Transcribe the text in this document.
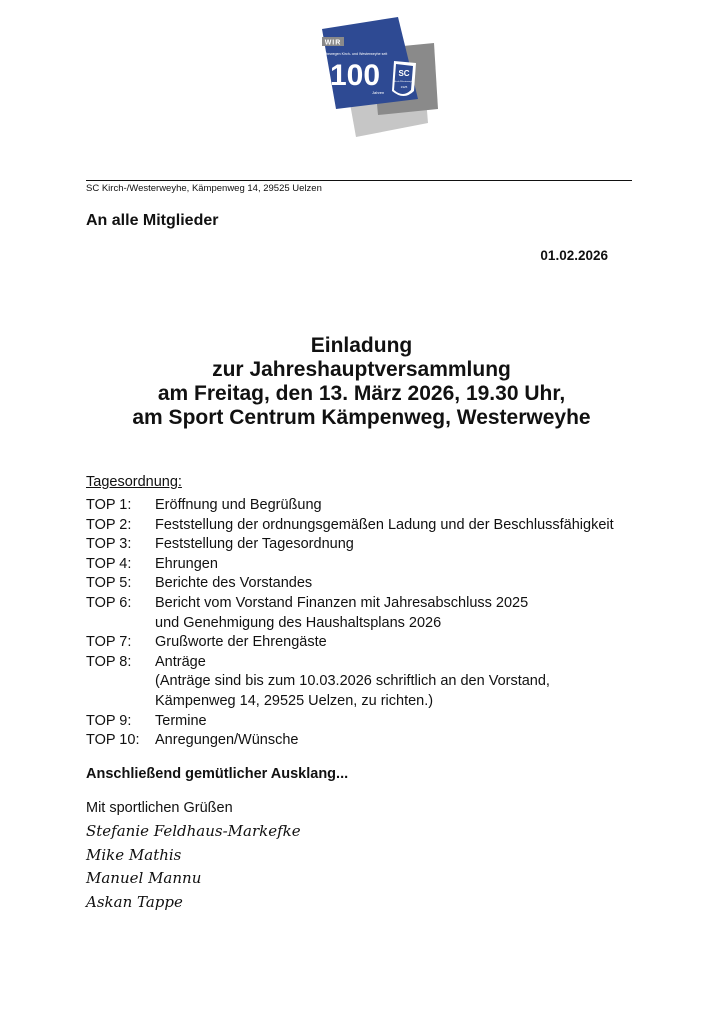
WIR
bewegen Kirch- und Westerweyhe seit
100
Jahren
SC
Kirch-/Westerweyhe
1925
SC Kirch-/Westerweyhe, Kämpenweg 14, 29525 Uelzen
An alle Mitglieder
01.02.2026
Einladung
zur Jahreshauptversammlung
am Freitag, den 13. März 2026, 19.30 Uhr,
am Sport Centrum Kämpenweg, Westerweyhe
Tagesordnung:
TOP 1:	Eröffnung und Begrüßung
TOP 2:	Feststellung der ordnungsgemäßen Ladung und der Beschlussfähigkeit
TOP 3:	Feststellung der Tagesordnung
TOP 4:	Ehrungen
TOP 5:	Berichte des Vorstandes
TOP 6:	Bericht vom Vorstand Finanzen mit Jahresabschluss 2025
und Genehmigung des Haushaltsplans 2026
TOP 7:	Grußworte der Ehrengäste
TOP 8:	Anträge
(Anträge sind bis zum 10.03.2026 schriftlich an den Vorstand,
Kämpenweg 14, 29525 Uelzen, zu richten.)
TOP 9:	Termine
TOP 10:	Anregungen/Wünsche
Anschließend gemütlicher Ausklang...
Mit sportlichen Grüßen
Stefanie Feldhaus-Markefke
Mike Mathis
Manuel Mannu
Askan Tappe
